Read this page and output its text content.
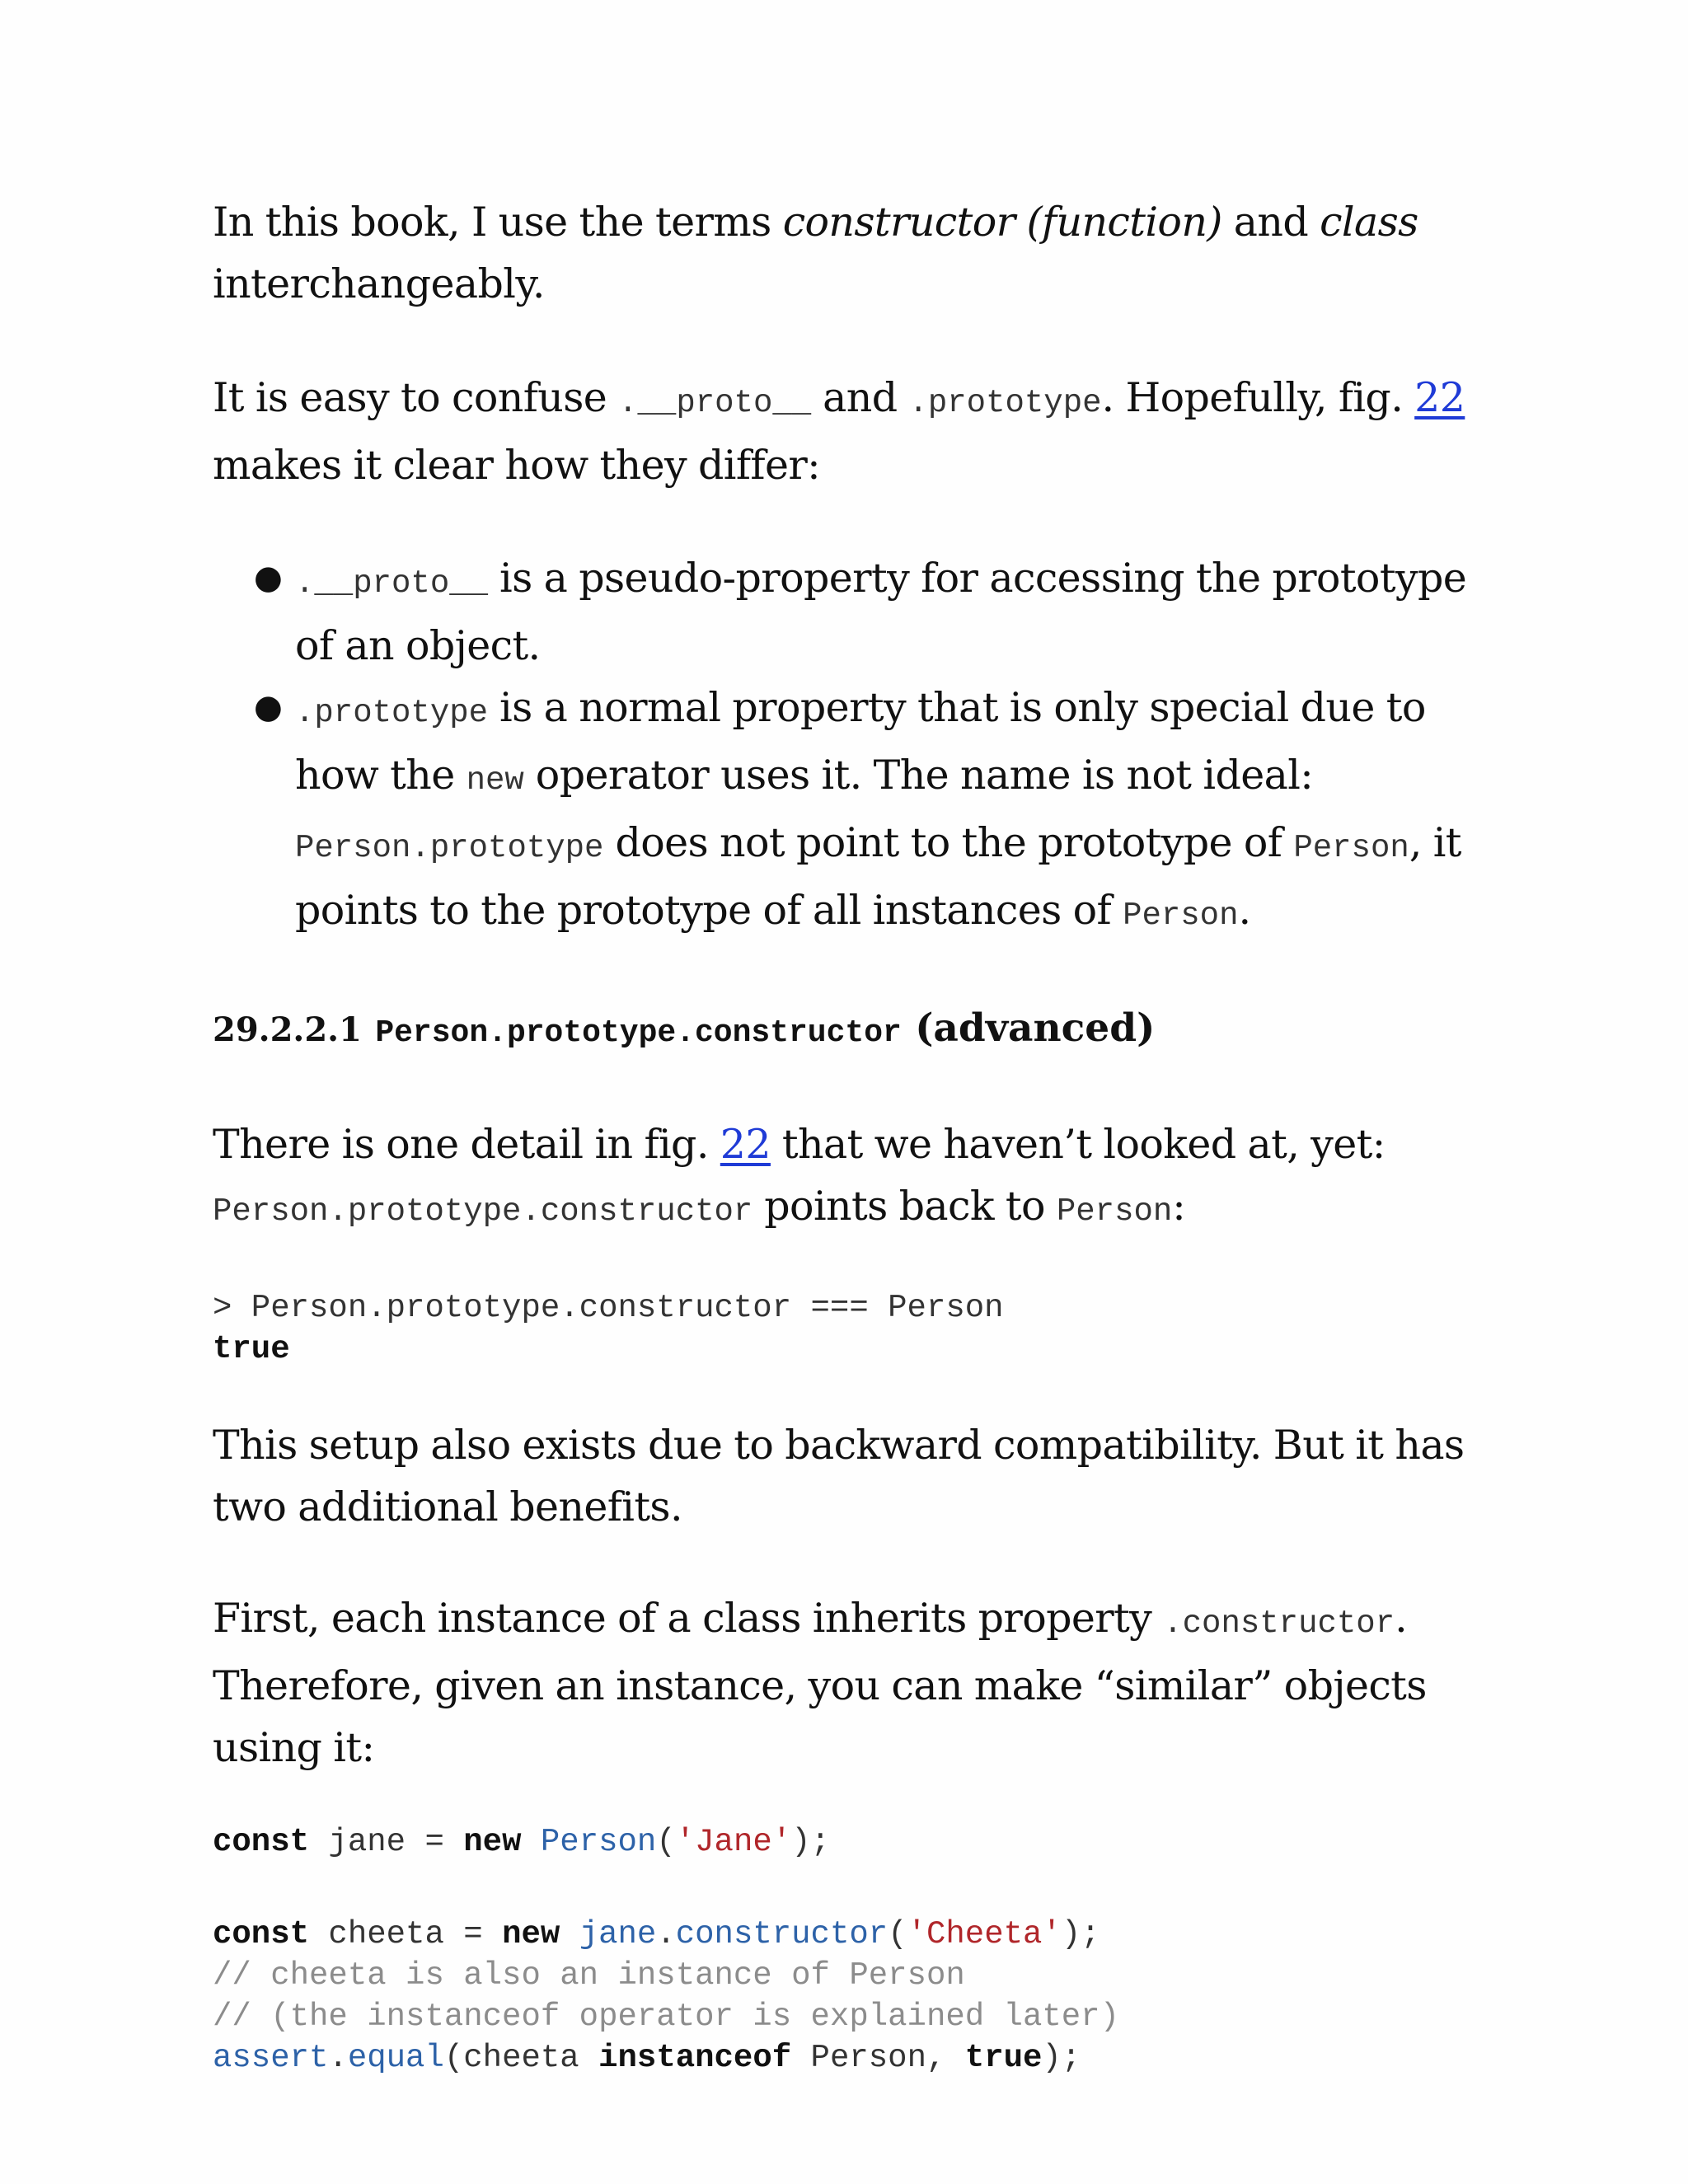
In this book, I use the terms constructor (function) and class interchangeably.

It is easy to confuse .__proto__ and .prototype. Hopefully, fig. 22 makes it clear how they differ:

● .__proto__ is a pseudo-property for accessing the prototype of an object.
● .prototype is a normal property that is only special due to how the new operator uses it. The name is not ideal: Person.prototype does not point to the prototype of Person, it points to the prototype of all instances of Person.
29.2.2.1 Person.prototype.constructor (advanced)

There is one detail in fig. 22 that we haven’t looked at, yet: Person.prototype.constructor points back to Person:

> Person.prototype.constructor === Person
true

This setup also exists due to backward compatibility. But it has two additional benefits.

First, each instance of a class inherits property .constructor. Therefore, given an instance, you can make “similar” objects using it:

const jane = new Person('Jane');

const cheeta = new jane.constructor('Cheeta');
// cheeta is also an instance of Person
// (the instanceof operator is explained later)
assert.equal(cheeta instanceof Person, true);
